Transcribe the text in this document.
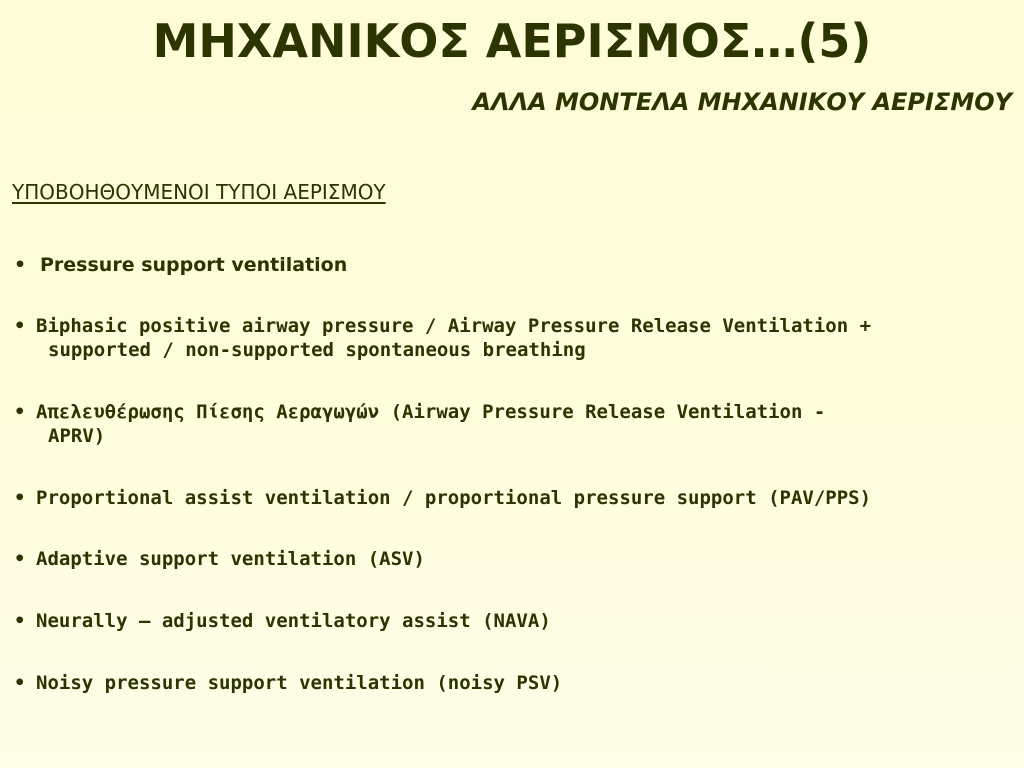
ΜΗΧΑΝΙΚΟΣ ΑΕΡΙΣΜΟΣ…(5)
ΑΛΛΑ ΜΟΝΤΕΛΑ ΜΗΧΑΝΙΚΟΥ ΑΕΡΙΣΜΟΥ
ΥΠΟΒΟΗΘΟΥΜΕΝΟΙ ΤΥΠΟΙ ΑΕΡΙΣΜΟΥ
• Pressure support ventilation
• Biphasic positive airway pressure / Airway Pressure Release Ventilation +
supported / non-supported spontaneous breathing
• Απελευθέρωσης Πίεσης Αεραγωγών (Airway Pressure Release Ventilation -
APRV)
• Proportional assist ventilation / proportional pressure support (PAV/PPS)
• Adaptive support ventilation (ASV)
• Neurally – adjusted ventilatory assist (NAVA)
• Noisy pressure support ventilation (noisy PSV)
